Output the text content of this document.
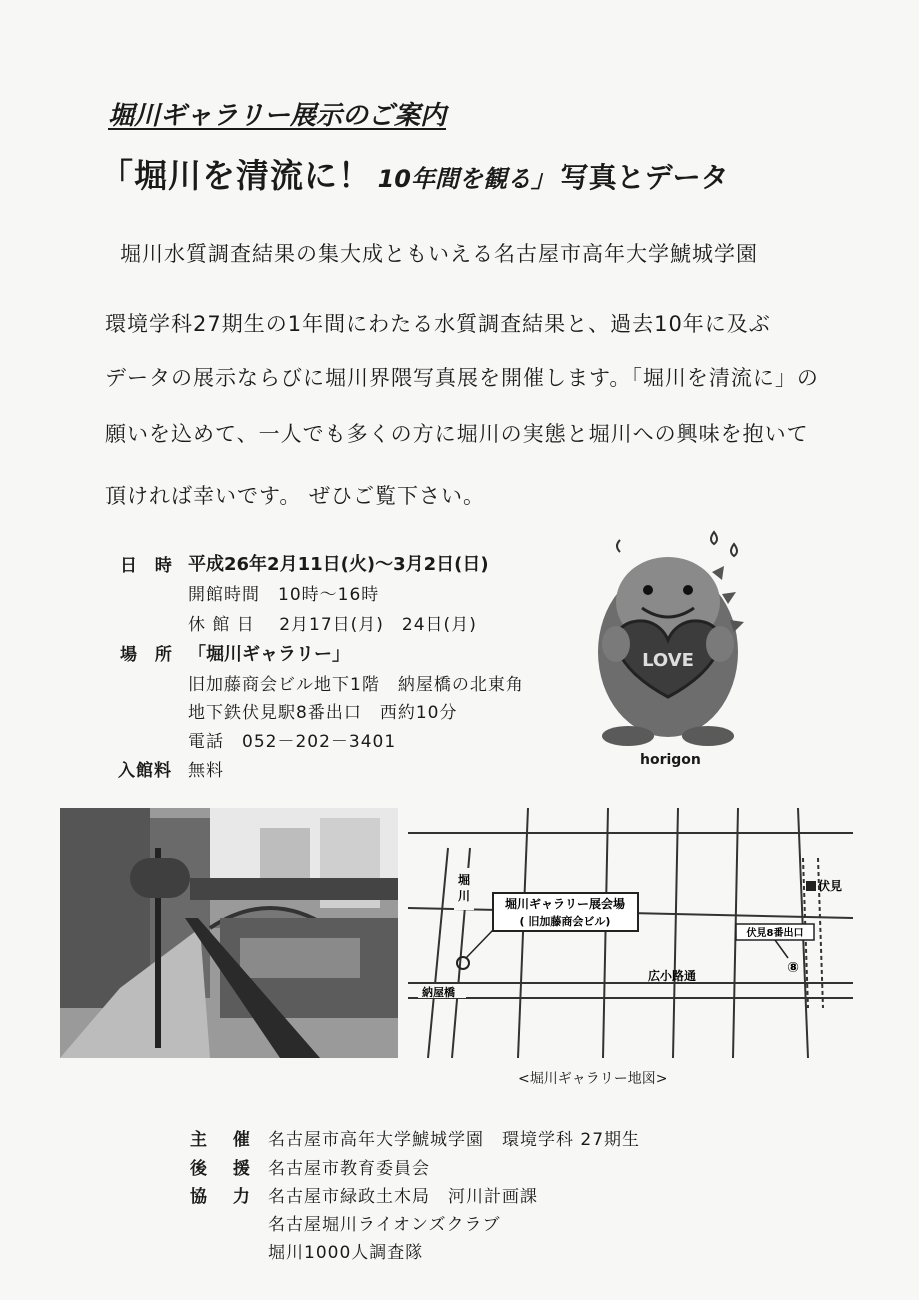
堀川ギャラリー展示のご案内
「堀川を清流に！ 10年間を観る」 写真とデータ
堀川水質調査結果の集大成ともいえる名古屋市高年大学鯱城学園
環境学科27期生の1年間にわたる水質調査結果と、過去10年に及ぶ
データの展示ならびに堀川界隈写真展を開催します。「堀川を清流に」の
願いを込めて、一人でも多くの方に堀川の実態と堀川への興味を抱いて
頂ければ幸いです。 ぜひご覧下さい。
日 時 平成26年2月11日(火)〜3月2日(日)
開館時間　10時〜16時
休 館 日　 2月17日(月)　24日(月)
場 所 「堀川ギャラリー」
旧加藤商会ビル地下1階　納屋橋の北東角
地下鉄伏見駅8番出口　西約10分
電話　052－202－3401
入館料 無料
LOVE
horigon
堀川ギャラリー展会場
( 旧加藤商会ビル)
堀川
納屋橋
広小路通
伏見
伏見8番出口
⑧
<堀川ギャラリー地図>
主 催 名古屋市高年大学鯱城学園　環境学科 27期生
後 援 名古屋市教育委員会
協 力 名古屋市緑政土木局　河川計画課
名古屋堀川ライオンズクラブ
堀川1000人調査隊
